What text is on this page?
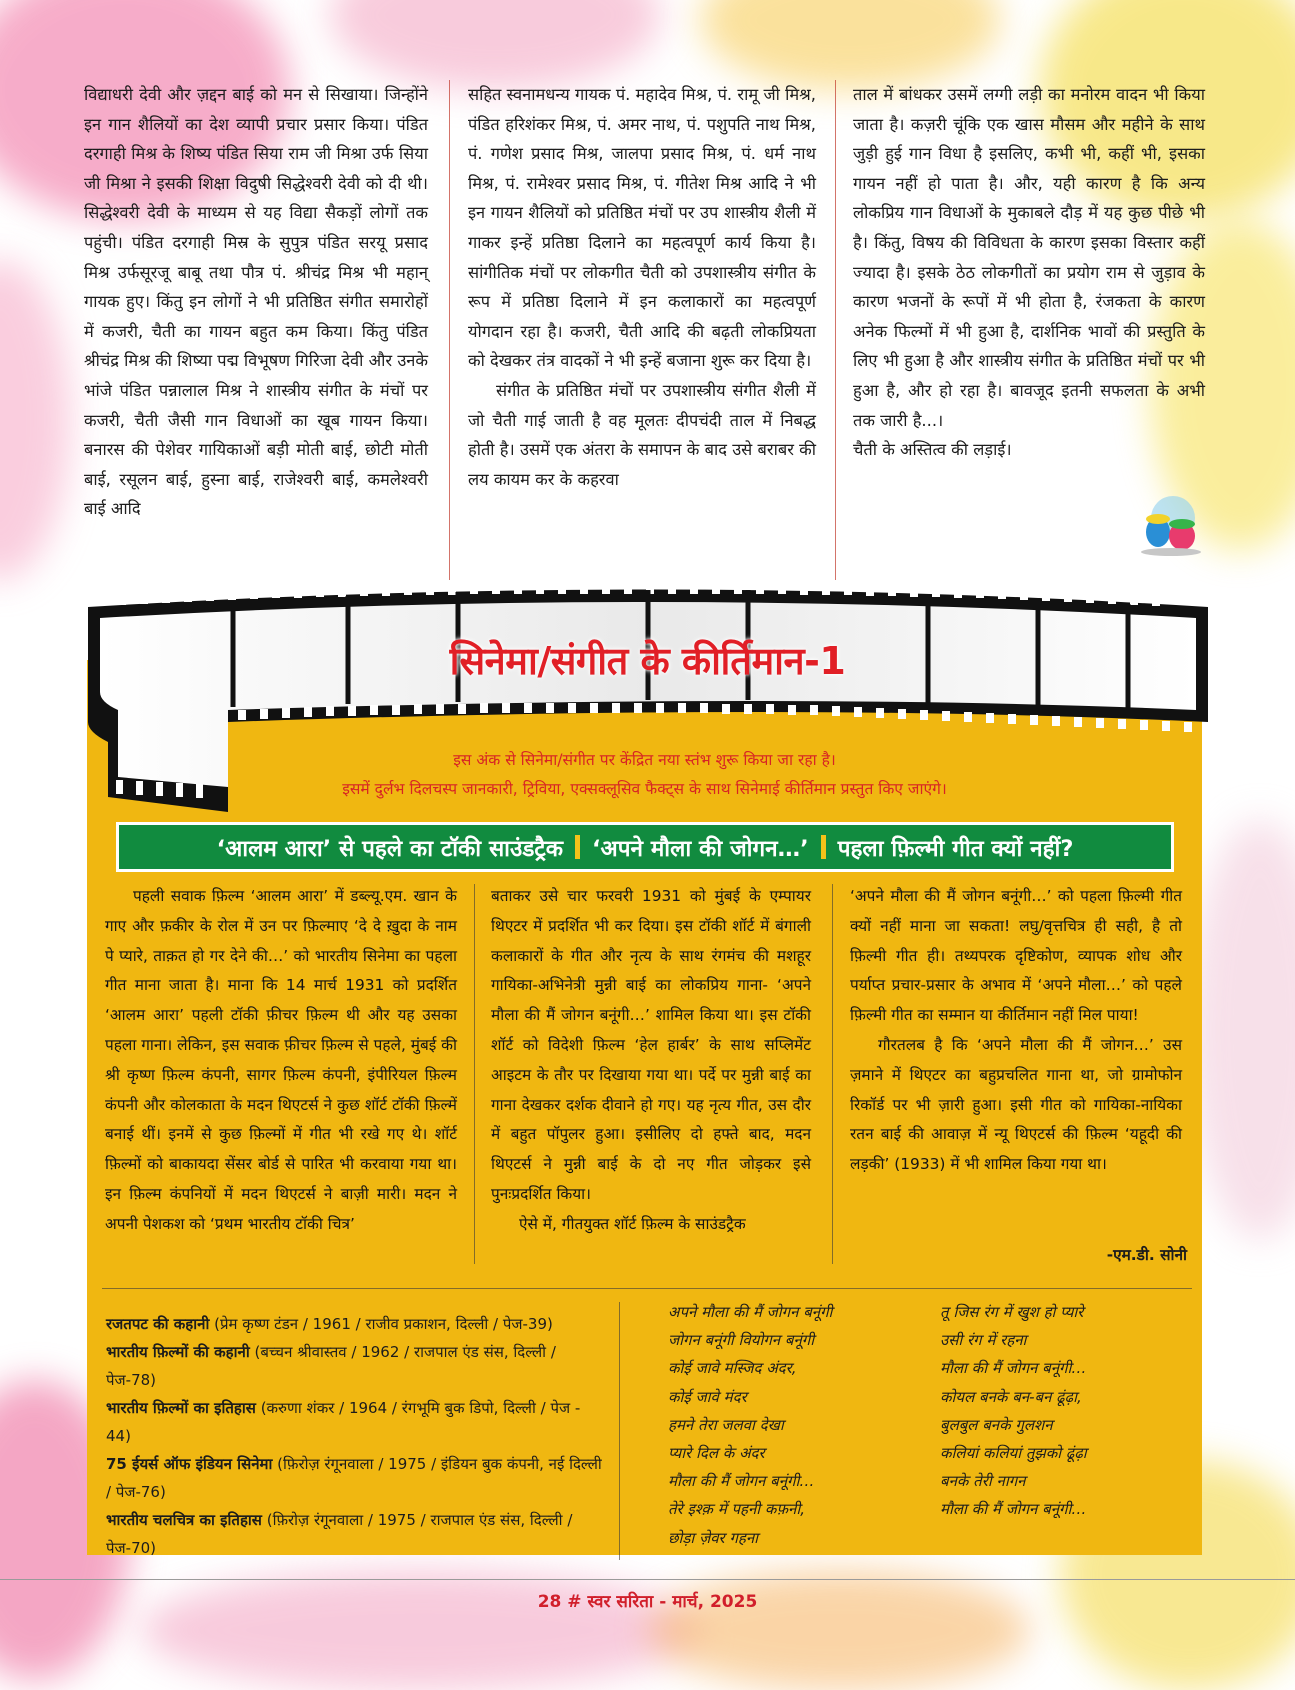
विद्याधरी देवी और ज़द्दन बाई को मन से सिखाया। जिन्होंने इन गान शैलियों का देश व्यापी प्रचार प्रसार किया। पंडित दरगाही मिश्र के शिष्य पंडित सिया राम जी मिश्रा उर्फ सिया जी मिश्रा ने इसकी शिक्षा विदुषी सिद्धेश्वरी देवी को दी थी। सिद्धेश्वरी देवी के माध्यम से यह विद्या सैकड़ों लोगों तक पहुंची। पंडित दरगाही मिस्र के सुपुत्र पंडित सरयू प्रसाद मिश्र उर्फसूरजू बाबू तथा पौत्र पं. श्रीचंद्र मिश्र भी महान् गायक हुए। किंतु इन लोगों ने भी प्रतिष्ठित संगीत समारोहों में कजरी, चैती का गायन बहुत कम किया। किंतु पंडित श्रीचंद्र मिश्र की शिष्या पद्म विभूषण गिरिजा देवी और उनके भांजे पंडित पन्नालाल मिश्र ने शास्त्रीय संगीत के मंचों पर कजरी, चैती जैसी गान विधाओं का खूब गायन किया। बनारस की पेशेवर गायिकाओं बड़ी मोती बाई, छोटी मोती बाई, रसूलन बाई, हुस्ना बाई, राजेश्वरी बाई, कमलेश्वरी बाई आदि

सहित स्वनामधन्य गायक पं. महादेव मिश्र, पं. रामू जी मिश्र, पंडित हरिशंकर मिश्र, पं. अमर नाथ, पं. पशुपति नाथ मिश्र, पं. गणेश प्रसाद मिश्र, जालपा प्रसाद मिश्र, पं. धर्म नाथ मिश्र, पं. रामेश्वर प्रसाद मिश्र, पं. गीतेश मिश्र आदि ने भी इन गायन शैलियों को प्रतिष्ठित मंचों पर उप शास्त्रीय शैली में गाकर इन्हें प्रतिष्ठा दिलाने का महत्वपूर्ण कार्य किया है। सांगीतिक मंचों पर लोकगीत चैती को उपशास्त्रीय संगीत के रूप में प्रतिष्ठा दिलाने में इन कलाकारों का महत्वपूर्ण योगदान रहा है। कजरी, चैती आदि की बढ़ती लोकप्रियता को देखकर तंत्र वादकों ने भी इन्हें बजाना शुरू कर दिया है।

संगीत के प्रतिष्ठित मंचों पर उपशास्त्रीय संगीत शैली में जो चैती गाई जाती है वह मूलतः दीपचंदी ताल में निबद्ध होती है। उसमें एक अंतरा के समापन के बाद उसे बराबर की लय कायम कर के कहरवा

ताल में बांधकर उसमें लग्गी लड़ी का मनोरम वादन भी किया जाता है। कज़री चूंकि एक खास मौसम और महीने के साथ जुड़ी हुई गान विधा है इसलिए, कभी भी, कहीं भी, इसका गायन नहीं हो पाता है। और, यही कारण है कि अन्य लोकप्रिय गान विधाओं के मुकाबले दौड़ में यह कुछ पीछे भी है। किंतु, विषय की विविधता के कारण इसका विस्तार कहीं ज्यादा है। इसके ठेठ लोकगीतों का प्रयोग राम से जुड़ाव के कारण भजनों के रूपों में भी होता है, रंजकता के कारण अनेक फिल्मों में भी हुआ है, दार्शनिक भावों की प्रस्तुति के लिए भी हुआ है और शास्त्रीय संगीत के प्रतिष्ठित मंचों पर भी हुआ है, और हो रहा है। बावजूद इतनी सफलता के अभी तक जारी है...।

चैती के अस्तित्व की लड़ाई।

सिनेमा/संगीत के कीर्तिमान-1
इस अंक से सिनेमा/संगीत पर केंद्रित नया स्तंभ शुरू किया जा रहा है।
इसमें दुर्लभ दिलचस्प जानकारी, ट्रिविया, एक्सक्लूसिव फैक्ट्स के साथ सिनेमाई कीर्तिमान प्रस्तुत किए जाएंगे।
‘आलम आरा’ से पहले का टॉकी साउंडट्रैक ‘अपने मौला की जोगन…’ पहला फ़िल्मी गीत क्यों नहीं?

पहली सवाक फ़िल्म ‘आलम आरा’ में डब्ल्यू.एम. खान के गाए और फ़कीर के रोल में उन पर फ़िल्माए ‘दे दे ख़ुदा के नाम पे प्यारे, ताक़त हो गर देने की…’ को भारतीय सिनेमा का पहला गीत माना जाता है। माना कि 14 मार्च 1931 को प्रदर्शित ‘आलम आरा’ पहली टॉकी फ़ीचर फ़िल्म थी और यह उसका पहला गाना। लेकिन, इस सवाक फ़ीचर फ़िल्म से पहले, मुंबई की श्री कृष्ण फ़िल्म कंपनी, सागर फ़िल्म कंपनी, इंपीरियल फ़िल्म कंपनी और कोलकाता के मदन थिएटर्स ने कुछ शॉर्ट टॉकी फ़िल्में बनाई थीं। इनमें से कुछ फ़िल्मों में गीत भी रखे गए थे। शॉर्ट फ़िल्मों को बाकायदा सेंसर बोर्ड से पारित भी करवाया गया था। इन फ़िल्म कंपनियों में मदन थिएटर्स ने बाज़ी मारी। मदन ने अपनी पेशकश को ‘प्रथम भारतीय टॉकी चित्र’

बताकर उसे चार फरवरी 1931 को मुंबई के एम्पायर थिएटर में प्रदर्शित भी कर दिया। इस टॉकी शॉर्ट में बंगाली कलाकारों के गीत और नृत्य के साथ रंगमंच की मशहूर गायिका-अभिनेत्री मुन्नी बाई का लोकप्रिय गाना- ‘अपने मौला की मैं जोगन बनूंगी…’ शामिल किया था। इस टॉकी शॉर्ट को विदेशी फ़िल्म ‘हेल हार्बर’ के साथ सप्लिमेंट आइटम के तौर पर दिखाया गया था। पर्दे पर मुन्नी बाई का गाना देखकर दर्शक दीवाने हो गए। यह नृत्य गीत, उस दौर में बहुत पॉपुलर हुआ। इसीलिए दो हफ्ते बाद, मदन थिएटर्स ने मुन्नी बाई के दो नए गीत जोड़कर इसे पुनःप्रदर्शित किया।

ऐसे में, गीतयुक्त शॉर्ट फ़िल्म के साउंडट्रैक

‘अपने मौला की मैं जोगन बनूंगी…’ को पहला फ़िल्मी गीत क्यों नहीं माना जा सकता! लघु/वृत्तचित्र ही सही, है तो फ़िल्मी गीत ही। तथ्यपरक दृष्टिकोण, व्यापक शोध और पर्याप्त प्रचार-प्रसार के अभाव में ‘अपने मौला…’ को पहले फ़िल्मी गीत का सम्मान या कीर्तिमान नहीं मिल पाया!

गौरतलब है कि ‘अपने मौला की मैं जोगन…’ उस ज़माने में थिएटर का बहुप्रचलित गाना था, जो ग्रामोफोन रिकॉर्ड पर भी ज़ारी हुआ। इसी गीत को गायिका-नायिका रतन बाई की आवाज़ में न्यू थिएटर्स की फ़िल्म ‘यहूदी की लड़की’ (1933) में भी शामिल किया गया था।

-एम.डी. सोनी
रजतपट की कहानी (प्रेम कृष्ण टंडन / 1961 / राजीव प्रकाशन, दिल्ली / पेज-39)
भारतीय फ़िल्मों की कहानी (बच्चन श्रीवास्तव / 1962 / राजपाल एंड संस, दिल्ली / पेज-78)
भारतीय फ़िल्मों का इतिहास (करुणा शंकर / 1964 / रंगभूमि बुक डिपो, दिल्ली / पेज - 44)
75 ईयर्स ऑफ इंडियन सिनेमा (फ़िरोज़ रंगूनवाला / 1975 / इंडियन बुक कंपनी, नई दिल्ली / पेज-76)
भारतीय चलचित्र का इतिहास (फ़िरोज़ रंगूनवाला / 1975 / राजपाल एंड संस, दिल्ली / पेज-70)
अपने मौला की मैं जोगन बनूंगी
जोगन बनूंगी वियोगन बनूंगी
कोई जावे मस्जिद अंदर,
कोई जावे मंदर
हमने तेरा जलवा देखा
प्यारे दिल के अंदर
मौला की मैं जोगन बनूंगी…
तेरे इश्क़ में पहनी कफ़नी,
छोड़ा ज़ेवर गहना
तू जिस रंग में खुश हो प्यारे
उसी रंग में रहना
मौला की मैं जोगन बनूंगी…
कोयल बनके बन-बन ढूंढ़ा,
बुलबुल बनके गुलशन
कलियां कलियां तुझको ढूंढ़ा
बनके तेरी नागन
मौला की मैं जोगन बनूंगी…
28 # स्वर सरिता - मार्च, 2025
